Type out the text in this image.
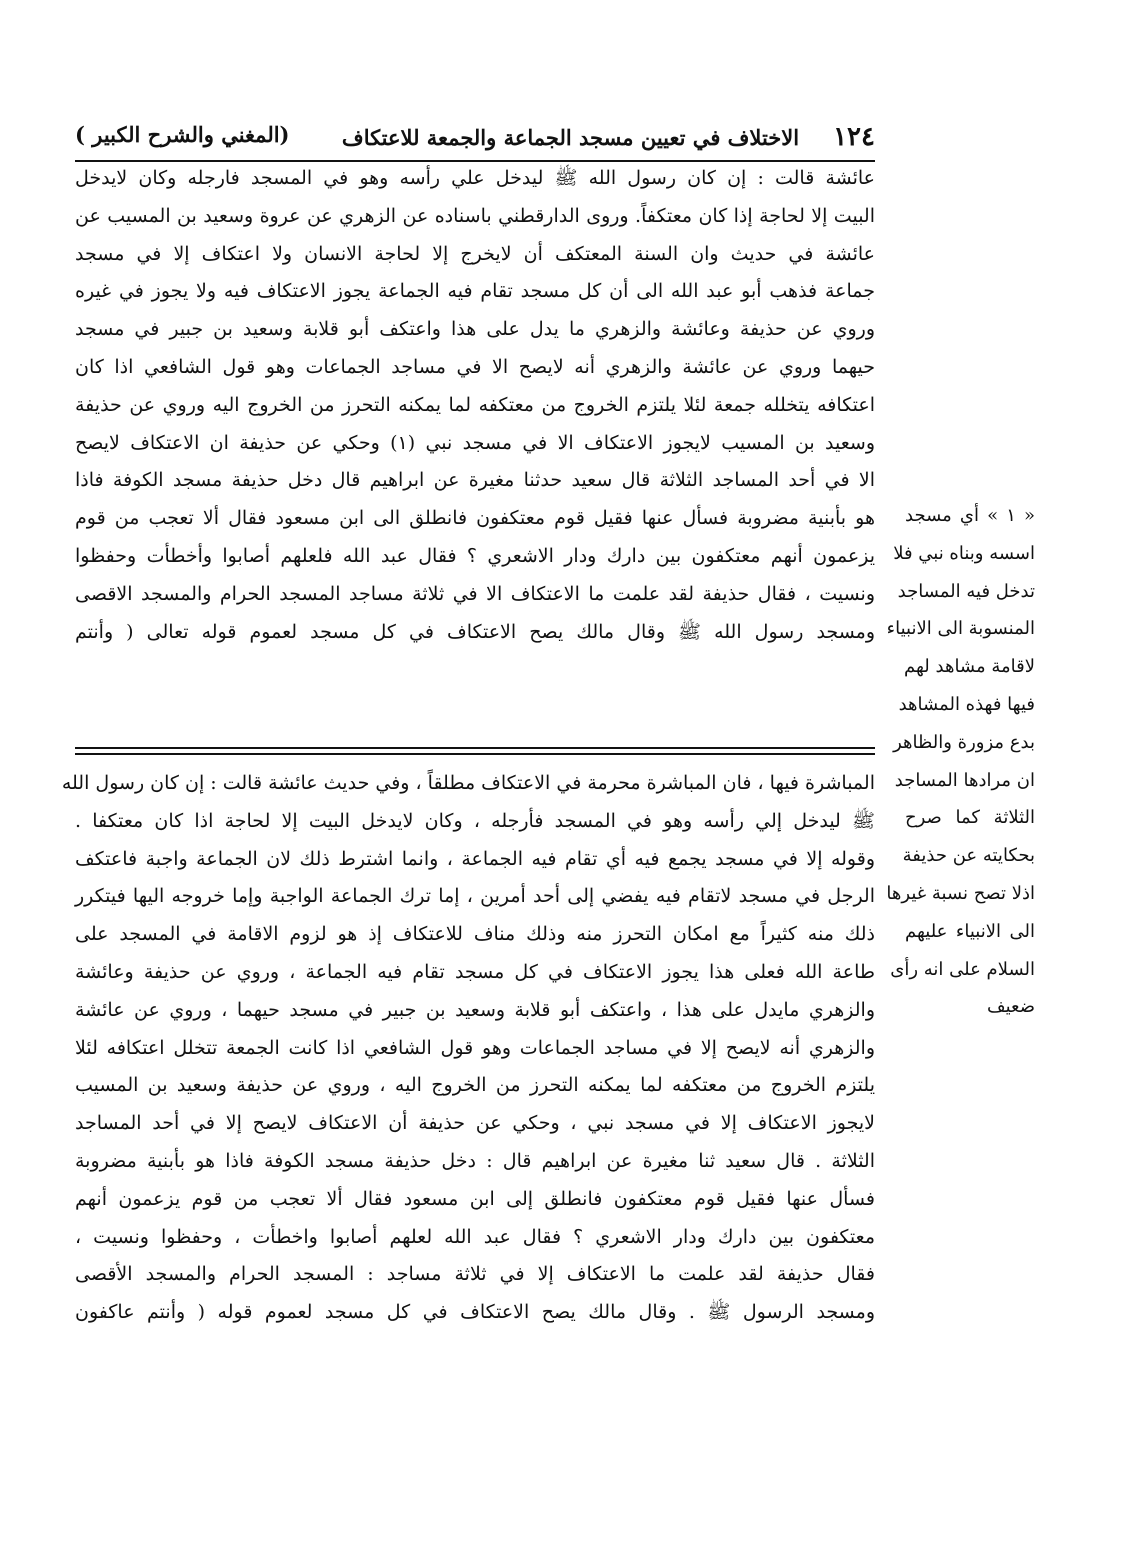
١٢٤
الاختلاف في تعيين مسجد الجماعة والجمعة للاعتكاف
(المغني والشرح الكبير )
عائشة قالت : إن كان رسول الله ﷺ ليدخل علي رأسه وهو في المسجد فارجله وكان لايدخل
البيت إلا لحاجة إذا كان معتكفاً. وروى الدارقطني باسناده عن الزهري عن عروة وسعيد بن المسيب عن
عائشة في حديث وان السنة المعتكف أن لايخرج إلا لحاجة الانسان ولا اعتكاف إلا في مسجد
جماعة فذهب أبو عبد الله الى أن كل مسجد تقام فيه الجماعة يجوز الاعتكاف فيه ولا يجوز في غيره
وروي عن حذيفة وعائشة والزهري ما يدل على هذا واعتكف أبو قلابة وسعيد بن جبير في مسجد
حيهما وروي عن عائشة والزهري أنه لايصح الا في مساجد الجماعات وهو قول الشافعي اذا كان
اعتكافه يتخلله جمعة لئلا يلتزم الخروج من معتكفه لما يمكنه التحرز من الخروج اليه وروي عن حذيفة
وسعيد بن المسيب لايجوز الاعتكاف الا في مسجد نبي (١) وحكي عن حذيفة ان الاعتكاف لايصح
الا في أحد المساجد الثلاثة قال سعيد حدثنا مغيرة عن ابراهيم قال دخل حذيفة مسجد الكوفة فاذا
هو بأبنية مضروبة فسأل عنها فقيل قوم معتكفون فانطلق الى ابن مسعود فقال ألا تعجب من قوم
يزعمون أنهم معتكفون بين دارك ودار الاشعري ؟ فقال عبد الله فلعلهم أصابوا وأخطأت وحفظوا
ونسيت ، فقال حذيفة لقد علمت ما الاعتكاف الا في ثلاثة مساجد المسجد الحرام والمسجد الاقصى
ومسجد رسول الله ﷺ وقال مالك يصح الاعتكاف في كل مسجد لعموم قوله تعالى ( وأنتم
المباشرة فيها ، فان المباشرة محرمة في الاعتكاف مطلقاً ، وفي حديث عائشة قالت : إن كان رسول الله
ﷺ ليدخل إلي رأسه وهو في المسجد فأرجله ، وكان لايدخل البيت إلا لحاجة اذا كان معتكفا .
وقوله إلا في مسجد يجمع فيه أي تقام فيه الجماعة ، وانما اشترط ذلك لان الجماعة واجبة فاعتكف
الرجل في مسجد لاتقام فيه يفضي إلى أحد أمرين ، إما ترك الجماعة الواجبة وإما خروجه اليها فيتكرر
ذلك منه كثيراً مع امكان التحرز منه وذلك مناف للاعتكاف إذ هو لزوم الاقامة في المسجد على
طاعة الله فعلى هذا يجوز الاعتكاف في كل مسجد تقام فيه الجماعة ، وروي عن حذيفة وعائشة
والزهري مايدل على هذا ، واعتكف أبو قلابة وسعيد بن جبير في مسجد حيهما ، وروي عن عائشة
والزهري أنه لايصح إلا في مساجد الجماعات وهو قول الشافعي اذا كانت الجمعة تتخلل اعتكافه لئلا
يلتزم الخروج من معتكفه لما يمكنه التحرز من الخروج اليه ، وروي عن حذيفة وسعيد بن المسيب
لايجوز الاعتكاف إلا في مسجد نبي ، وحكي عن حذيفة أن الاعتكاف لايصح إلا في أحد المساجد
الثلاثة . قال سعيد ثنا مغيرة عن ابراهيم قال : دخل حذيفة مسجد الكوفة فاذا هو بأبنية مضروبة
فسأل عنها فقيل قوم معتكفون فانطلق إلى ابن مسعود فقال ألا تعجب من قوم يزعمون أنهم
معتكفون بين دارك ودار الاشعري ؟ فقال عبد الله لعلهم أصابوا واخطأت ، وحفظوا ونسيت ،
فقال حذيفة لقد علمت ما الاعتكاف إلا في ثلاثة مساجد : المسجد الحرام والمسجد الأقصى
ومسجد الرسول ﷺ . وقال مالك يصح الاعتكاف في كل مسجد لعموم قوله ( وأنتم عاكفون
« ١ » أي مسجد
اسسه وبناه نبي فلا
تدخل فيه المساجد
المنسوبة الى الانبياء
لاقامة مشاهد لهم
فيها فهذه المشاهد
بدع مزورة والظاهر
ان مرادها المساجد
الثلاثة كما صرح
بحكايته عن حذيفة
اذلا تصح نسبة غيرها
الى الانبياء عليهم
السلام على انه رأى
ضعيف
